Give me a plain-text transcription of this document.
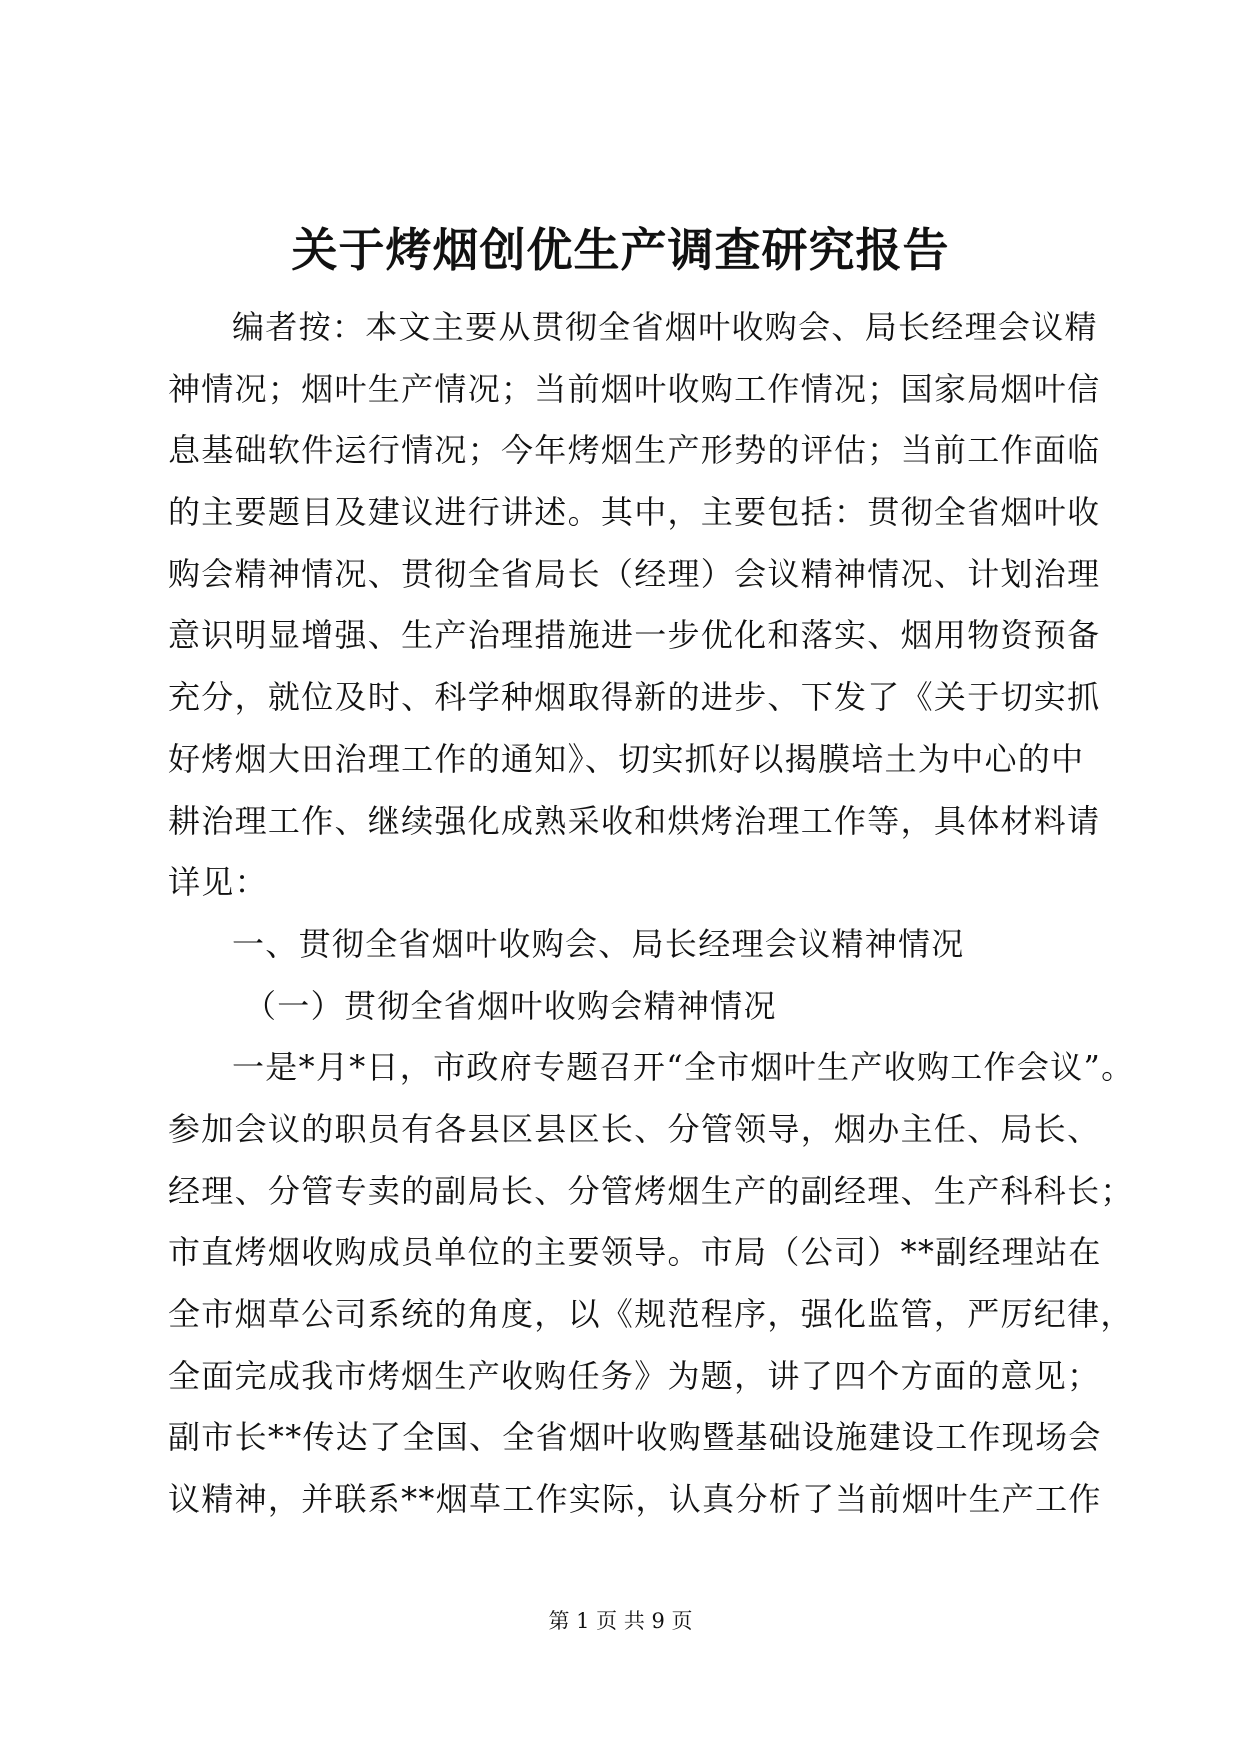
关于烤烟创优生产调查研究报告
编者按：本文主要从贯彻全省烟叶收购会、局长经理会议精
神情况；烟叶生产情况；当前烟叶收购工作情况；国家局烟叶信
息基础软件运行情况；今年烤烟生产形势的评估；当前工作面临
的主要题目及建议进行讲述。其中，主要包括：贯彻全省烟叶收
购会精神情况、贯彻全省局长（经理）会议精神情况、计划治理
意识明显增强、生产治理措施进一步优化和落实、烟用物资预备
充分，就位及时、科学种烟取得新的进步、下发了《关于切实抓
好烤烟大田治理工作的通知》、切实抓好以揭膜培土为中心的中
耕治理工作、继续强化成熟采收和烘烤治理工作等，具体材料请
详见：
一、贯彻全省烟叶收购会、局长经理会议精神情况
（一）贯彻全省烟叶收购会精神情况
一是*月*日，市政府专题召开“全市烟叶生产收购工作会议”。
参加会议的职员有各县区县区长、分管领导，烟办主任、局长、
经理、分管专卖的副局长、分管烤烟生产的副经理、生产科科长；
市直烤烟收购成员单位的主要领导。市局（公司）**副经理站在
全市烟草公司系统的角度，以《规范程序，强化监管，严厉纪律，
全面完成我市烤烟生产收购任务》为题，讲了四个方面的意见；
副市长**传达了全国、全省烟叶收购暨基础设施建设工作现场会
议精神，并联系**烟草工作实际，认真分析了当前烟叶生产工作
第 1 页 共 9 页
